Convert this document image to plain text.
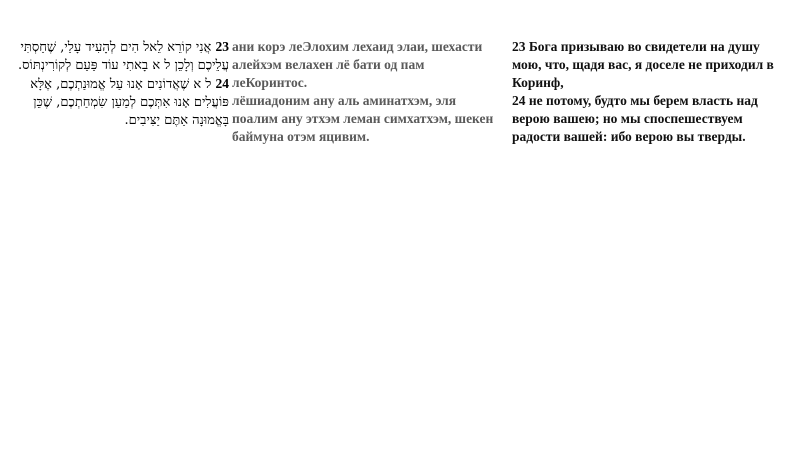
23 אֲנִי קוֹרֵא לֵאל הִים לְהָעִיד עָלַי, שֶׁחַסְתִּי עֲלֵיכֶם וְלָכֵן ל א בָאתִי עוֹד פַּעַם לְקוֹרִינְתּוֹס.

24 ל א שֶׁאֲדוֹנִים אָנוּ עַל אֱמוּנַתְכֶם, אֶלָּא פּוֹעֲלִים אָנוּ אִתְּכֶם לְמַעַן שִׂמְחַתְכֶם, שֶׁכֵּן בָּאֱמוּנָה אַתֶּם יַצִּיבִים.

ани корэ леЭлохим лехаид элаи, шехасти алейхэм велахен лё бати од пам леКоринтос.

лёшиадоним ану аль аминатхэм, эля поалим ану этхэм леман симхатхэм, шекен баймуна отэм яцивим.

23 Бога призываю во свидетели на душу мою, что, щадя вас, я доселе не приходил в Коринф,

24 не потому, будто мы берем власть над верою вашею; но мы споспешествуем радости вашей: ибо верою вы тверды.
